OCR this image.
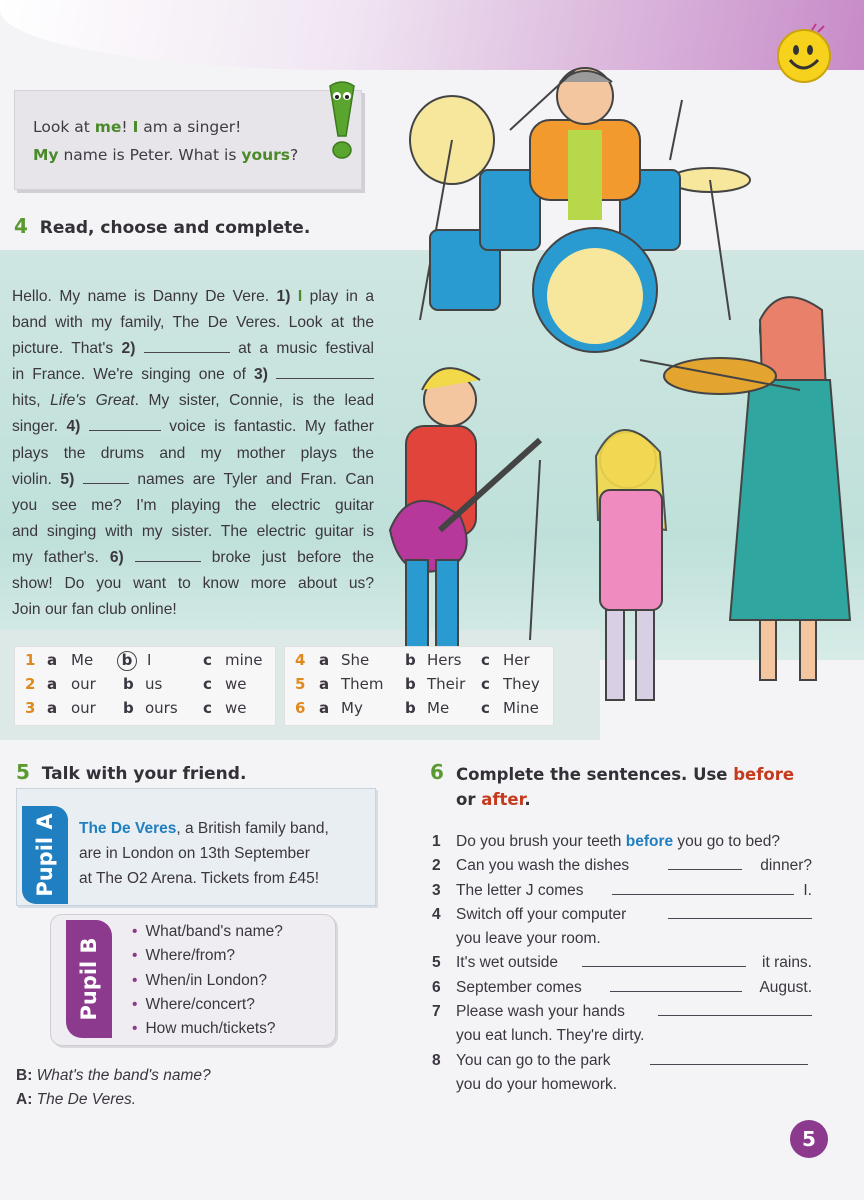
Look at me! I am a singer!

My name is Peter. What is yours?

4 Read, choose and complete.
Hello. My name is Danny De Vere. 1) I play in a
band with my family, The De Veres. Look at the
picture. That's 2)	at a music festival
in France. We're singing one of 3)
hits, Life's Great. My sister, Connie, is the lead
singer. 4)	voice is fantastic. My father
plays the drums and my mother plays the
violin. 5)	names are Tyler and Fran. Can
you see me? I'm playing the electric guitar
and singing with my sister. The electric guitar is
my father's. 6)	broke just before the
show! Do you want to know more about us?
Join our fan club online!
1 a Me	b I	c mine
2 a our b us	c we
3 a our b ours c we
4 a She b Hers c Her
5 a Them b Their c They
6 a My	b Me c Mine
5 Talk with your friend.
Pupil A The De Veres, a British family band,
are in London on 13th September
at The O2 Arena. Tickets from £45!
Pupil B
• What/band's name?
• Where/from?
• When/in London?
• Where/concert?
• How much/tickets?
B: What's the band's name?
A: The De Veres.
6 Complete the sentences. Use before
or after.
1 Do you brush your teeth before you go to bed?
2 Can you wash the dishes	dinner?
3 The letter J comes	I.
4 Switch off your computer
you leave your room.
5 It's wet outside	it rains.
6 September comes	August.
7 Please wash your hands
you eat lunch. They're dirty.
8 You can go to the park
you do your homework.
5
